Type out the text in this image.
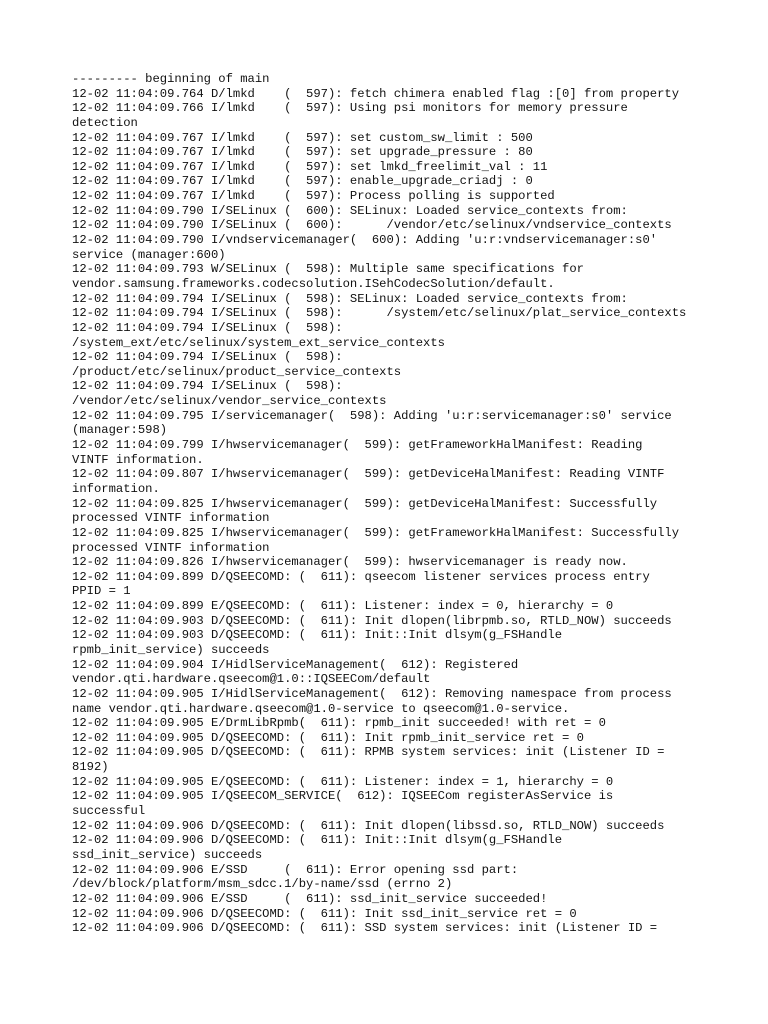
--------- beginning of main
12-02 11:04:09.764 D/lmkd    (  597): fetch chimera enabled flag :[0] from property
12-02 11:04:09.766 I/lmkd    (  597): Using psi monitors for memory pressure
detection
12-02 11:04:09.767 I/lmkd    (  597): set custom_sw_limit : 500
12-02 11:04:09.767 I/lmkd    (  597): set upgrade_pressure : 80
12-02 11:04:09.767 I/lmkd    (  597): set lmkd_freelimit_val : 11
12-02 11:04:09.767 I/lmkd    (  597): enable_upgrade_criadj : 0
12-02 11:04:09.767 I/lmkd    (  597): Process polling is supported
12-02 11:04:09.790 I/SELinux (  600): SELinux: Loaded service_contexts from:
12-02 11:04:09.790 I/SELinux (  600):      /vendor/etc/selinux/vndservice_contexts
12-02 11:04:09.790 I/vndservicemanager(  600): Adding 'u:r:vndservicemanager:s0'
service (manager:600)
12-02 11:04:09.793 W/SELinux (  598): Multiple same specifications for
vendor.samsung.frameworks.codecsolution.ISehCodecSolution/default.
12-02 11:04:09.794 I/SELinux (  598): SELinux: Loaded service_contexts from:
12-02 11:04:09.794 I/SELinux (  598):      /system/etc/selinux/plat_service_contexts
12-02 11:04:09.794 I/SELinux (  598):
/system_ext/etc/selinux/system_ext_service_contexts
12-02 11:04:09.794 I/SELinux (  598):
/product/etc/selinux/product_service_contexts
12-02 11:04:09.794 I/SELinux (  598):
/vendor/etc/selinux/vendor_service_contexts
12-02 11:04:09.795 I/servicemanager(  598): Adding 'u:r:servicemanager:s0' service
(manager:598)
12-02 11:04:09.799 I/hwservicemanager(  599): getFrameworkHalManifest: Reading
VINTF information.
12-02 11:04:09.807 I/hwservicemanager(  599): getDeviceHalManifest: Reading VINTF
information.
12-02 11:04:09.825 I/hwservicemanager(  599): getDeviceHalManifest: Successfully
processed VINTF information
12-02 11:04:09.825 I/hwservicemanager(  599): getFrameworkHalManifest: Successfully
processed VINTF information
12-02 11:04:09.826 I/hwservicemanager(  599): hwservicemanager is ready now.
12-02 11:04:09.899 D/QSEECOMD: (  611): qseecom listener services process entry
PPID = 1
12-02 11:04:09.899 E/QSEECOMD: (  611): Listener: index = 0, hierarchy = 0
12-02 11:04:09.903 D/QSEECOMD: (  611): Init dlopen(librpmb.so, RTLD_NOW) succeeds
12-02 11:04:09.903 D/QSEECOMD: (  611): Init::Init dlsym(g_FSHandle
rpmb_init_service) succeeds
12-02 11:04:09.904 I/HidlServiceManagement(  612): Registered
vendor.qti.hardware.qseecom@1.0::IQSEECom/default
12-02 11:04:09.905 I/HidlServiceManagement(  612): Removing namespace from process
name vendor.qti.hardware.qseecom@1.0-service to qseecom@1.0-service.
12-02 11:04:09.905 E/DrmLibRpmb(  611): rpmb_init succeeded! with ret = 0
12-02 11:04:09.905 D/QSEECOMD: (  611): Init rpmb_init_service ret = 0
12-02 11:04:09.905 D/QSEECOMD: (  611): RPMB system services: init (Listener ID =
8192)
12-02 11:04:09.905 E/QSEECOMD: (  611): Listener: index = 1, hierarchy = 0
12-02 11:04:09.905 I/QSEECOM_SERVICE(  612): IQSEECom registerAsService is
successful
12-02 11:04:09.906 D/QSEECOMD: (  611): Init dlopen(libssd.so, RTLD_NOW) succeeds
12-02 11:04:09.906 D/QSEECOMD: (  611): Init::Init dlsym(g_FSHandle
ssd_init_service) succeeds
12-02 11:04:09.906 E/SSD     (  611): Error opening ssd part:
/dev/block/platform/msm_sdcc.1/by-name/ssd (errno 2)
12-02 11:04:09.906 E/SSD     (  611): ssd_init_service succeeded!
12-02 11:04:09.906 D/QSEECOMD: (  611): Init ssd_init_service ret = 0
12-02 11:04:09.906 D/QSEECOMD: (  611): SSD system services: init (Listener ID =
